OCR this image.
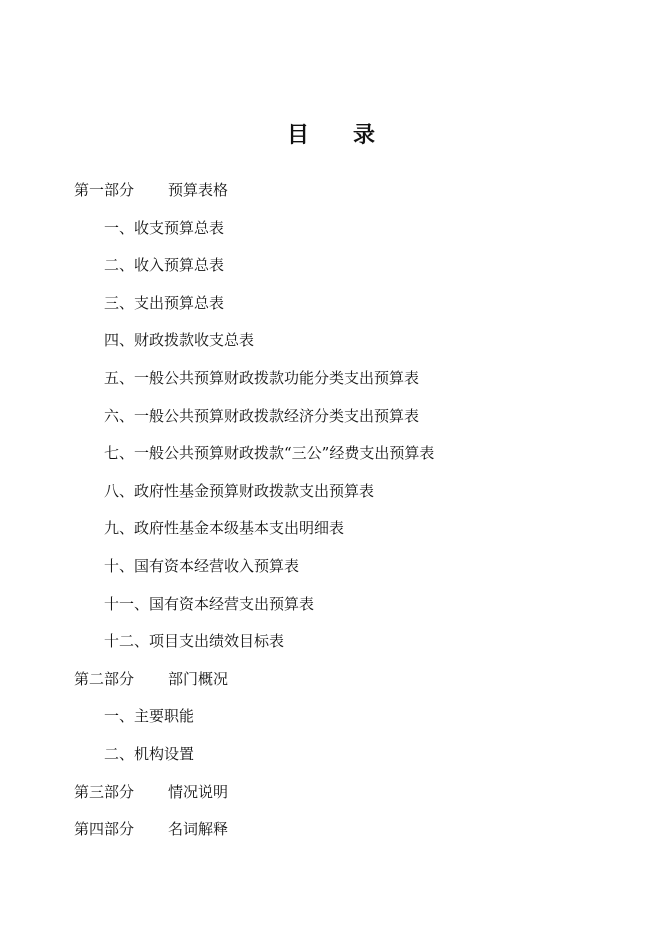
目 录
第一部分 预算表格
一、收支预算总表
二、收入预算总表
三、支出预算总表
四、财政拨款收支总表
五、一般公共预算财政拨款功能分类支出预算表
六、一般公共预算财政拨款经济分类支出预算表
七、一般公共预算财政拨款“三公”经费支出预算表
八、政府性基金预算财政拨款支出预算表
九、政府性基金本级基本支出明细表
十、国有资本经营收入预算表
十一、国有资本经营支出预算表
十二、项目支出绩效目标表
第二部分 部门概况
一、主要职能
二、机构设置
第三部分 情况说明
第四部分 名词解释
